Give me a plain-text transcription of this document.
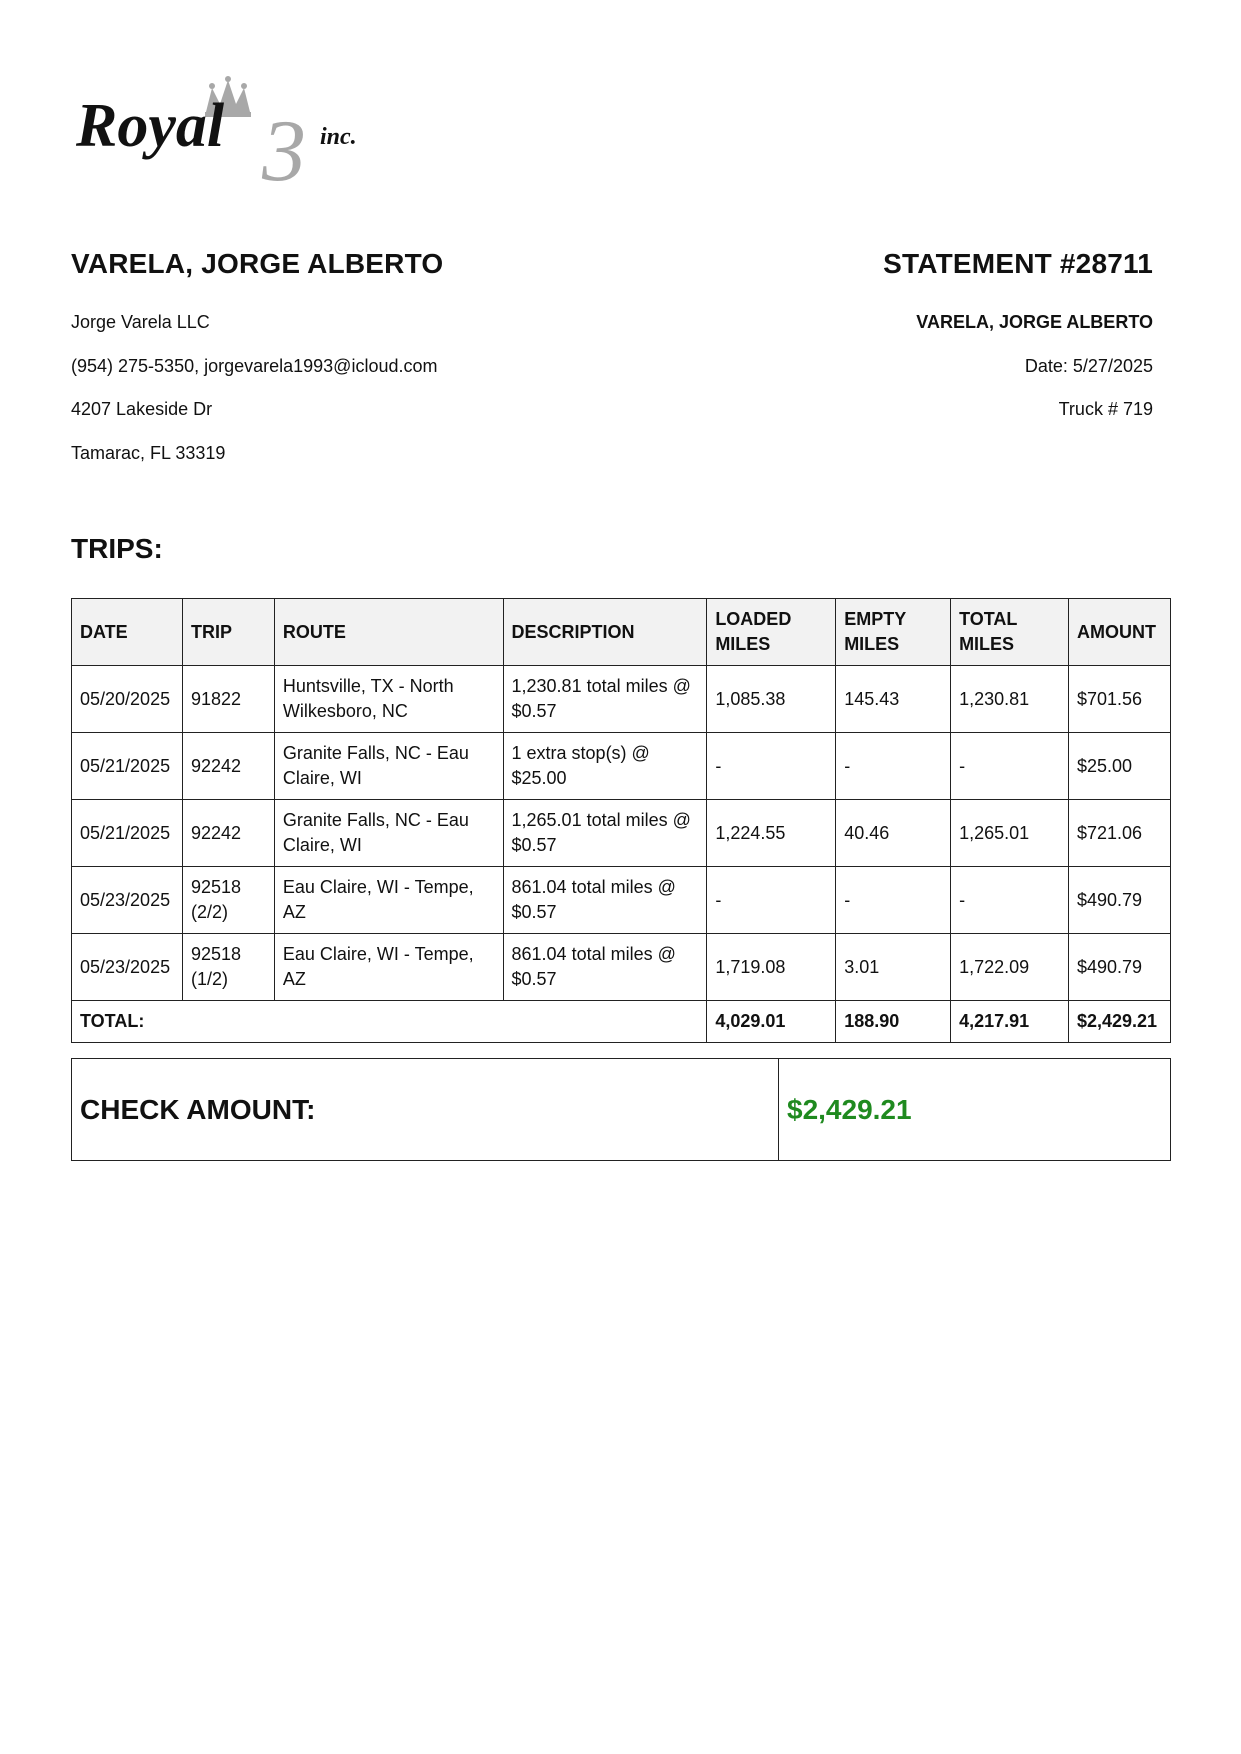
3
Royal	inc.
VARELA, JORGE ALBERTO	STATEMENT #28711
Jorge Varela LLC
(954) 275-5350, jorgevarela1993@icloud.com
4207 Lakeside Dr
Tamarac, FL 33319
VARELA, JORGE ALBERTO
Date: 5/27/2025
Truck # 719
TRIPS:
DATE	TRIP	ROUTE	DESCRIPTION	LOADED MILES	EMPTY MILES	TOTAL MILES	AMOUNT
05/20/2025	91822	Huntsville, TX - North Wilkesboro, NC	1,230.81 total miles @ $0.57	1,085.38	145.43	1,230.81	$701.56
05/21/2025	92242	Granite Falls, NC - Eau Claire, WI	1 extra stop(s) @ $25.00	-	-	-	$25.00
05/21/2025	92242	Granite Falls, NC - Eau Claire, WI	1,265.01 total miles @ $0.57	1,224.55	40.46	1,265.01	$721.06
05/23/2025	92518 (2/2)	Eau Claire, WI - Tempe, AZ	861.04 total miles @ $0.57	-	-	-	$490.79
05/23/2025	92518 (1/2)	Eau Claire, WI - Tempe, AZ	861.04 total miles @ $0.57	1,719.08	3.01	1,722.09	$490.79
TOTAL:				4,029.01	188.90	4,217.91	$2,429.21
CHECK AMOUNT:	$2,429.21
